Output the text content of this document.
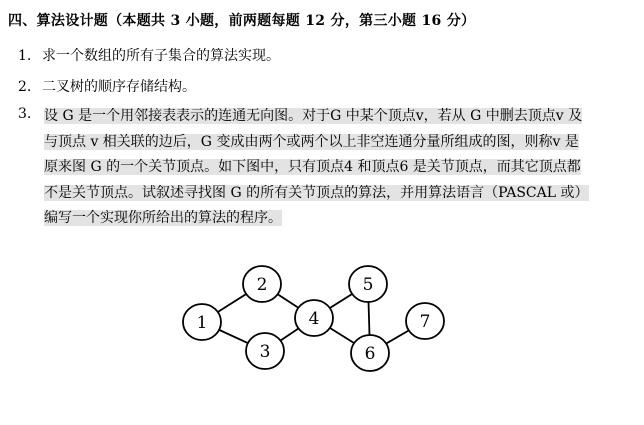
四、算法设计题（本题共 3 小题，前两题每题 12 分，第三小题 16 分）
1. 求一个数组的所有子集合的算法实现。
2. 二叉树的顺序存储结构。
3. 设 G 是一个用邻接表表示的连通无向图。对于G 中某个顶点v，若从 G 中删去顶点v 及
与顶点 v 相关联的边后，G 变成由两个或两个以上非空连通分量所组成的图，则称v 是
原来图 G 的一个关节顶点。如下图中，只有顶点4 和顶点6 是关节顶点，而其它顶点都
不是关节顶点。试叙述寻找图 G 的所有关节顶点的算法，并用算法语言（PASCAL 或）
编写一个实现你所给出的算法的程序。
1
2
3
4
5
6
7
